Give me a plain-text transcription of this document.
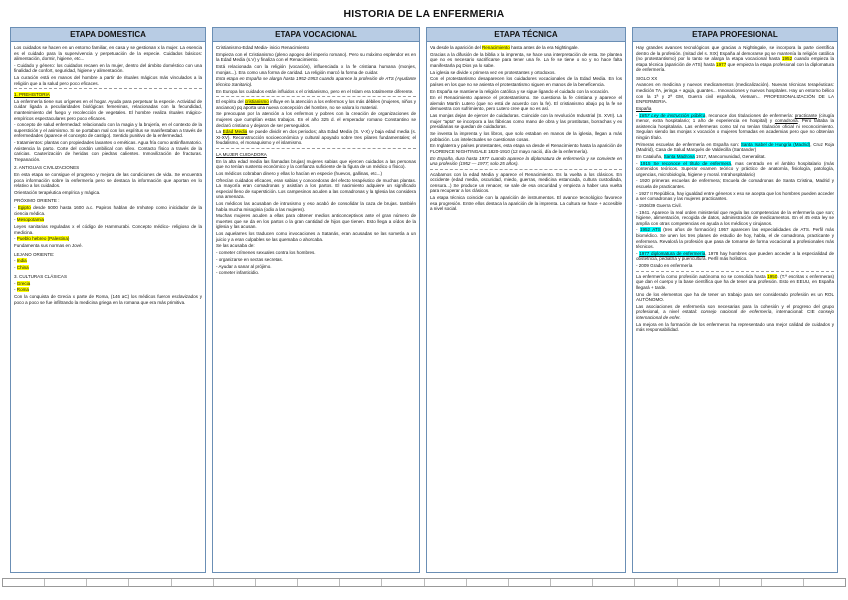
HISTORIA DE LA ENFERMERIA
ETAPA DOMESTICA

Los cuidados se hacen en un entorno familiar, en casa y se gestionan x la mujer. La esencia es el cuidado para la supervivencia y perpetuación de la especie. Cuidados básicos: alimentación, dormir, higiene, etc...

- Cuidado y género: los cuidados recaen en la mujer, dentro del ámbito doméstico con una finalidad de confort, seguridad, higiene y alimentación.

La curación está en manos del hombre a partir de rituales mágicos más vinculados a la religión que a la salud pero poco eficaces.

1. PREHISTORIA

La enfermería tiene sus orígenes en el hogar. Ayuda para perpetuar la especie. Actividad de cuidar ligada a peculiaridades biológicas femeninas, relacionadas con la fecundidad, mantenimiento del fuego y recolección de vegetales. El hombre realiza rituales mágico-empíricos espectaculares pero poco eficaces.

- concepto de salud enfermedad: relacionado con la magia y la brujería, en el contexto de la superstición y el animismo. Si se portaban mal con los espíritus se manifestaban a través de enfermedades (aparece el concepto de castigo). Sentido punitivo de la enfermedad.

- tratamientos: plantas con propiedades laxantes o eméticas. Agua fría como antiinflamatorio. Asistencia la parto. Corte del cordón umbilical con sílex. Contacto físico a través de la caricias. Cauterización de heridas con piedras calientes. Inmovilización de fracturas. Trepanación.

2. ANTIGUAS CIVILIZACIONES

En esta etapa se consigue el progreso y mejora de las condiciones de vida. Se encuentra poca información sobre la enfermería pero se destaca la información que aportan en lo relativo a los cuidados.

Orientación terapéutica empírica y mágica.

PRÓXIMO ORIENTE :

- Egipto desde 5000 hasta 1600 a.c. Papiros hablan de Imhotep como inicidador de la ciencia médica.

- Mesopotamia

Leyes sanitarias reguladas x el código de Hammurabi. Concepto médico- religioso de la medicina.

- Pueblo hebreo (Palestina)

Fundamenta sus normas en Jové.

LEJANO ORIENTE:

- India

- China

3. CULTURAS CLÁSICAS

- Grecia

- Roma

Con la conquista de Grecia x parte de Roma, (146 aC) los médicos fueron esclavizados y poco a poco se fue infiltrando la medicina griega en la romana que era más primitiva.

ETAPA VOCACIONAL

Cristianismo-Edad Media- inicio Renacimiento

Empieza con el Cristianismo (pleno apogeo del imperio romano). Pero su máximo esplendor es en la Edad Media (s.V) y finaliza con el Renacimiento.

Está relacionada con la religión (vocación), influenciada x la fe cristiana humana (monjes, monjas...). Era como una forma de caridad. La religión marcó la forma de cuidar.

Esta etapa en España se alarga hasta 1952-1953 cuando aparece la profesión de ATS (Ayudante técnico Sanitario).

En Europa los cuidados están influidos x el cristianismo, pero en el Islam era totalmente diferente.

El espíritu del cristianismo influye en la atención a los enfermos y los más débiles (mujeres, niños y ancianos) pq aporta una nueva concepción del hombre, no se valora lo material.

Se preocupan por la atención a los enfermos y pobres con la creación de organizaciones de mujeres que cumplían estas trabajos. En el año 325 d. el emperador romano Constantino se declaró cristiano y dejaron de ser perseguidos.

La Edad Media se puede dividir en dos periodos; alta Edad Media (S. V-X) y baja edad media (s. XI-XV). Reconstrucción socioeconómica y cultural apoyado sobre tres pilares fundamentales; el feudalismo, el monaquismo y el islamismo.

LA MUJER CUIDADORA

En la alta edad media las llamadas brujas| mujeres sabias que ejercen cuidados a las personas que no tenían sustento económico y la confianza suficiente de la figura de un médico o físico).

Los médicos cobraban dinero y ellas lo hacían en especie (huevos, gallinas, etc...)

Ofrecían cuidados eficaces, eran sabias y conocedoras del efecto terapéutico de muchas plantas. La mayoría eran comadronas y asistían a los partos. El nacimiento adquiere un significado especial lleno de superstición. Los campesinos acuden a las comadronas y la Iglesia las considera una amenaza.

Los médicos las acusaban de intrusismo y eso acabó de consolidar la caza de brujas. también había mucha misoginia (odio a las mujeres).

Muchas mujeres acuden a ellas para obtener medios anticonceptivos ante el gran número de muertes que se da en los partos o la gran cantidad de hijos que tienen. Esto llega a oídos de la iglesia y las acusan.

Los aquelarres los traducen como invocaciones a Satanás, eran acusadas se las sometía a un juicio y a eran culpables se las quemaba o ahorcaba.

Se las acusaba de:

- cometer crímenes sexuales contra los hombres.

- organizarse en sectas secretas.

- Ayudar a sanar al prójimo.

- cometer infanticidio.

ETAPA TÉCNICA

Va desde la aparición del Renacimiento hasta antes de la era Nightingale.

Gracias a la difusión de la biblia x la imprenta, se hace una interpretación de esta. Se plantea que no es necesario sacrificarse para tener una fe. La fe se tiene o no y no hace falta manifestarla pq Dios ya lo sabe.

La iglesia se divide x primera vez en protestantes y ortodoxos.

Con el protestantismo desaparecen los cuidadores vocacionales de la Edad Media. En los países en los que no se asienta el protestantismo siguen en manos de la beneficencia.

En España se mantiene la religión católica y se sigue ligando el cuidado con la vocación.

En el Renacimiento aparece el protestantismo. Se cuestiona la fe cristiana y aparece el alemán Martín Lutero (que no está de acuerdo con la fe). El cristianismo abajo pq la fe se demuestra con sufrimiento, pero Lutero cree que no es así.

Las monjas dejan de ejercer de cuidadoras. Coincide con la revolución Industrial (S. XVII). La mujer "apta" se incorpora a las fábricas como mano de obra y las prostitutas, borrachas y ex presidiarias se quedan de cuidadoras.

Se inventa la imprenta y los libros, que solo estaban en manos de la iglesia, llegan a más población. Los intelectuales se cuestionan cosas.

En Inglaterra y países protestantes, esta etapa va desde el Renacimiento hasta la aparición de FLORENCE NIGHTINGALE 1820-1910 (12 mayo nació, día de la enfermería).

En España, dura hasta 1977 cuando aparece la diplomatura de enfermería y se convierte en una profesión (1952 — 1977; solo 25 años).

Acabamos con la edad Media y aparece el Renacimiento. Es la vuelta a los clásicos. En occidente (edad media, oscuridad, miedo, guerras, medicina estancada, cultura custodiada, censura...) Se produce un renacer, se sale de esa oscuridad y empieza a haber una vuelta para recuperar a los clásicos.

La etapa técnica coincide con la aparición de instrumentos. El avance tecnológico favorece esa progresión. Entre ellos destaca la aparición de la imprenta. La cultura se hace + accesible a nivel social.

ETAPA PROFESIONAL

Hay grandes avances tecnológicos que gracias a Nightingale, se incorpora la parte científica dentro de la profesión. (mitad del s. XIX) España al demorarse pq se mantenía la religión católica (no protestantismo) por lo tanto se alarga la etapa vocacional hasta 1952 cuando empieza la etapa técnica (aparición de ATS) hasta 1977 que empieza la etapa profesional con la diplomatura de enfermería.

SIGLO XX

Avances en medicina y nuevos medicamentos (medicalización). Nuevas técnicas terapéuticas: medición TA, jeringa + aguja, guantes... Innovaciones y nuevos hospitales. Hay un entorno bélico con la 1ª y 2ª GM, Guerra civil española, Vietnam... PROFESIONALIZACIÓN DE LA ENFERMERIA.

España

- 1857 Ley de instrucción pública, reconoce dos titulaciones de enfermería: practicante (cirugía menor, extra hospitalario; 1 año de experiencia en hospital) y comadrona. Pero faltaba la asistencia hospitalaria. Las enfermeras como tal no tenían titulación oficial ni reconocimiento. Seguían siendo las monjas x vocación o mujeres formadas en academias pero que no obtenían ningún título.

Primeras escuelas de enfermería en España son: Santa Isabel de Hungría (Madrid), Cruz Roja (Madrid), Casa de Salud Marqués de Valdecilla (Santander)

En Cataluña, Santa Madrona 1917, Mancomunidad, Generalitat.

- 1915 Se reconoce el título de enfermera, mas centrado en el ámbito hospitalario (más contenidos teóricos. Superar examen teórico y práctico de anatomía, fisiología, patología, urgencias, microbiología, higiene y moral. Intrahospitalario)

- 1920 primeras escuelas de enfermera; Escuela de comadronas de Santa Cristina, Madrid y escuela de practicantes.

- 1927 II República, hay igualdad entre géneros x eso se acepta que los hombres pueden acceder a ser comadronas y las mujeres practicantes.

- 1936/39 Guerra Civil.

- 1941. Aparece la real orden ministerial que regula las competencias de la enfermería que son; higiene, alimentación, recogida de datos, administración de medicamentos. En el 45 esta ley se amplía con otras competencias en ayuda a los médicos y cirujanos.

- 1952 ATS (tres años de formación) 1957 aparecen las especialidades de ATS. Perfil más biomédico. Se unen los tres planes de estudio de hoy, habla, el de comadrona, practicante y enfermera. Revalorá la profesión que pasa de tomarse de forma vocacional a profesionales más técnicos.

- 1977 diplomatura de enfermería, 1978 hay hombres que pueden acceder a la especialidad de obstetricia, pediatría y puericultura. Perfil más holístico.

- 2009 Grado en enfermería

La enfermería como profesión autónoma no se consolida hasta 1950. (T.ª escritas x enfermeras) que dan el cuerpo y la base científica que ha de tener una profesión. Esto en EEUU, en España llegará + tarde.

Uno de los elementos que ha de tener un trabajo para ser considerado profesión es un ROL AUTÓNOMO.

Las asociaciones de enfermería son necesarias para la cohesión y el progreso del grupo profesional, a nivel estatal: consejo nacional de enfermería, internacional: CIE consejo internacional de enfer.

La mejora en la formación de los enfermeros ha representado una mejor calidad de cuidados y más responsabilidad.
